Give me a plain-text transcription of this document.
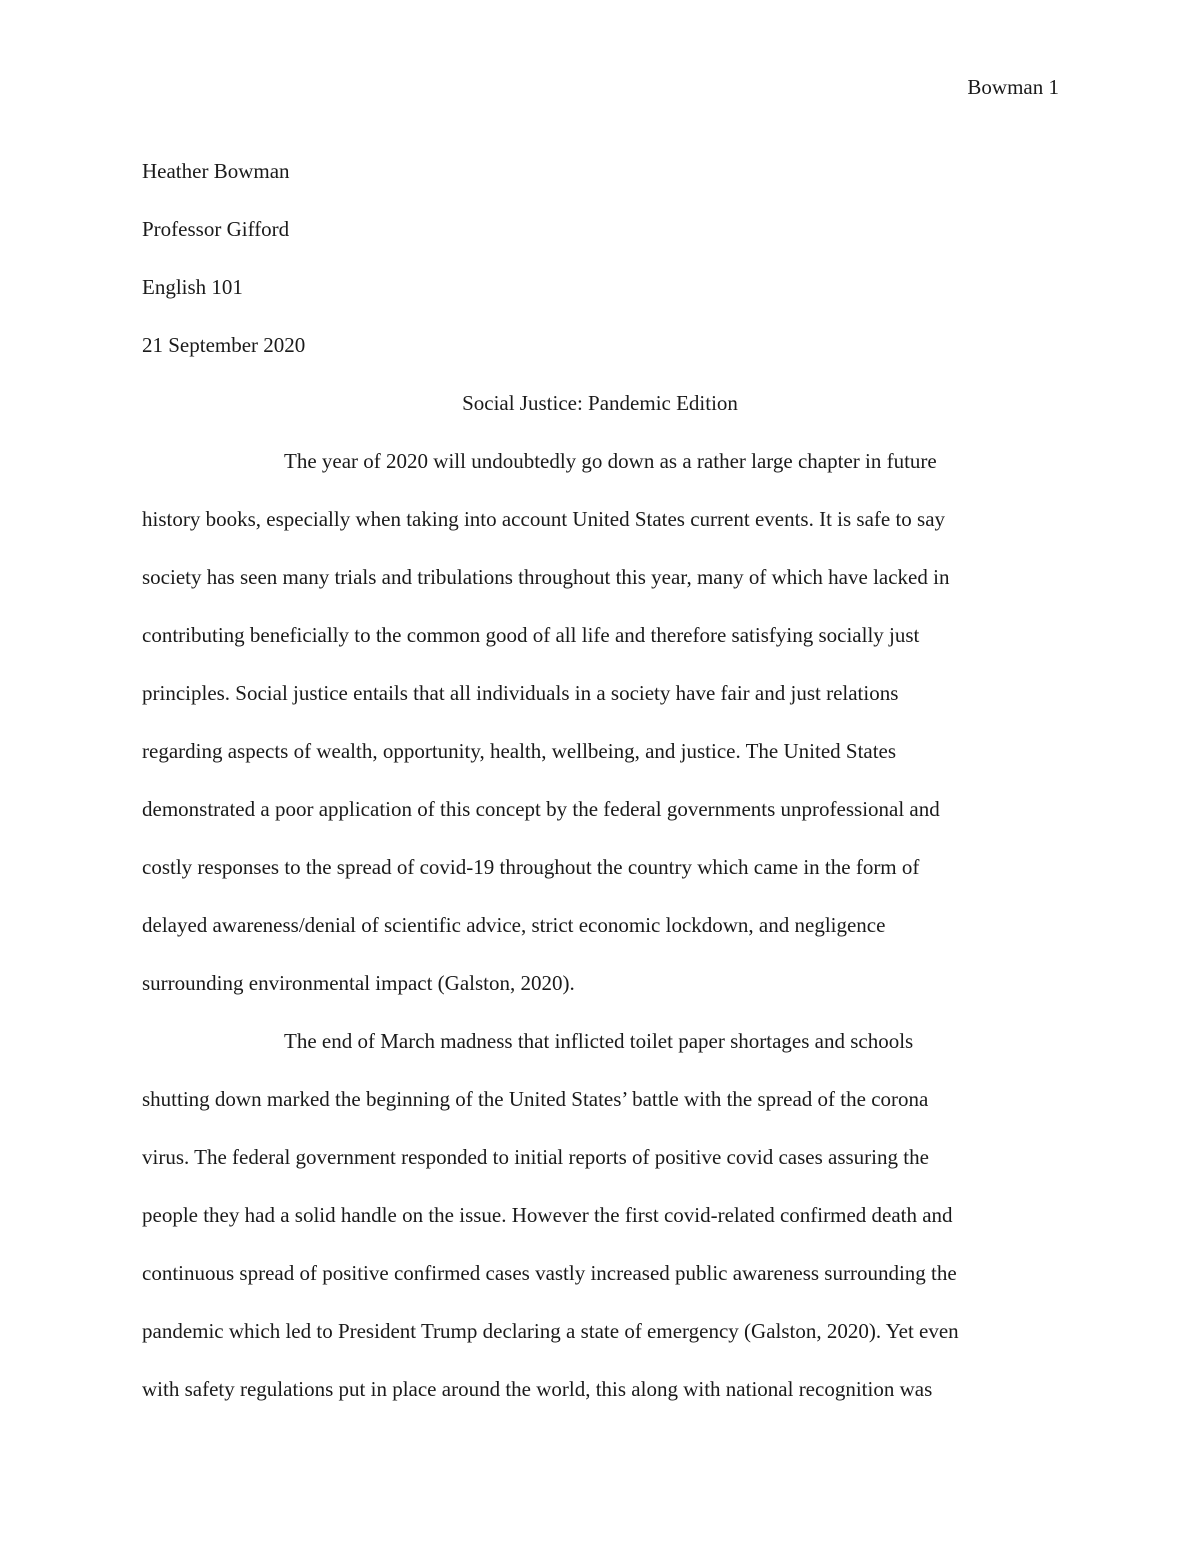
Bowman 1
Heather Bowman
Professor Gifford
English 101
21 September 2020
Social Justice: Pandemic Edition
The year of 2020 will undoubtedly go down as a rather large chapter in future
history books, especially when taking into account United States current events. It is safe to say
society has seen many trials and tribulations throughout this year, many of which have lacked in
contributing beneficially to the common good of all life and therefore satisfying socially just
principles. Social justice entails that all individuals in a society have fair and just relations
regarding aspects of wealth, opportunity, health, wellbeing, and justice. The United States
demonstrated a poor application of this concept by the federal governments unprofessional and
costly responses to the spread of covid-19 throughout the country which came in the form of
delayed awareness/denial of scientific advice, strict economic lockdown, and negligence
surrounding environmental impact (Galston, 2020).
The end of March madness that inflicted toilet paper shortages and schools
shutting down marked the beginning of the United States’ battle with the spread of the corona
virus. The federal government responded to initial reports of positive covid cases assuring the
people they had a solid handle on the issue. However the first covid-related confirmed death and
continuous spread of positive confirmed cases vastly increased public awareness surrounding the
pandemic which led to President Trump declaring a state of emergency (Galston, 2020). Yet even
with safety regulations put in place around the world, this along with national recognition was
